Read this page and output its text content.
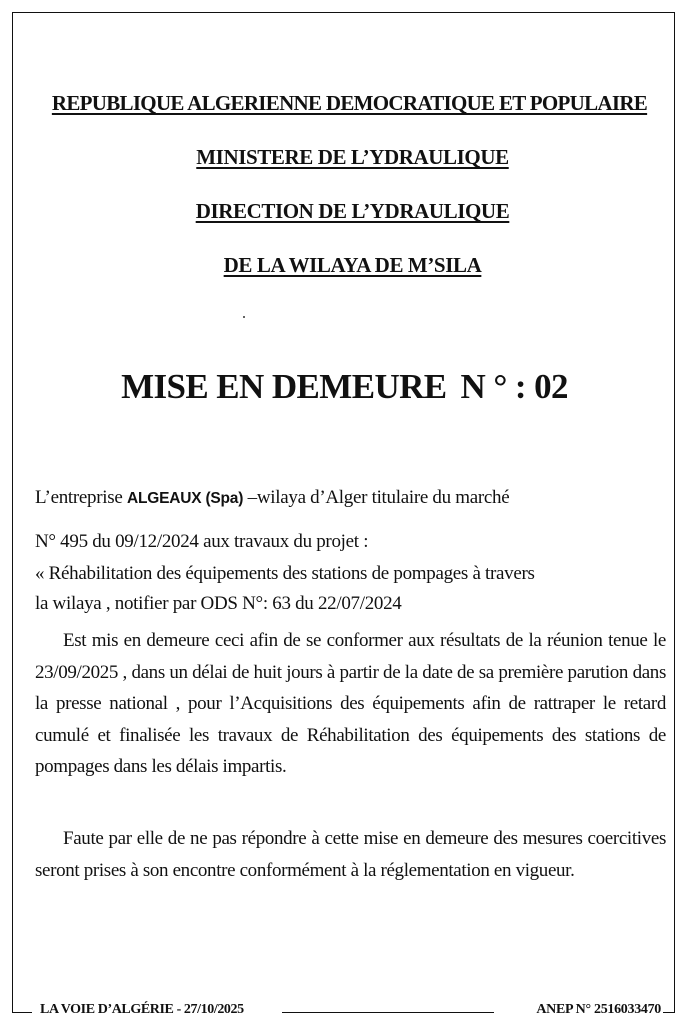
REPUBLIQUE ALGERIENNE DEMOCRATIQUE ET POPULAIRE
MINISTERE DE L’YDRAULIQUE
DIRECTION DE L’YDRAULIQUE
DE LA WILAYA DE M’SILA
MISE EN DEMEURE N ° : 02
L’entreprise ALGEAUX (Spa) –wilaya d’Alger titulaire du marché
N° 495 du 09/12/2024 aux travaux du projet :
« Réhabilitation des équipements des stations de pompages à travers
la wilaya , notifier par ODS N°: 63 du 22/07/2024
Est mis en demeure ceci afin de se conformer aux résultats de la réunion tenue le 23/09/2025 , dans un délai de huit jours à partir de la date de sa première parution dans la presse national , pour l’Acquisitions des équipements afin de rattraper le retard cumulé et finalisée les travaux de Réhabilitation des équipements des stations de pompages dans les délais impartis.
Faute par elle de ne pas répondre à cette mise en demeure des mesures coercitives seront prises à son encontre conformément à la réglementation en vigueur.
LA VOIE D’ALGÉRIE - 27/10/2025	ANEP N° 2516033470
